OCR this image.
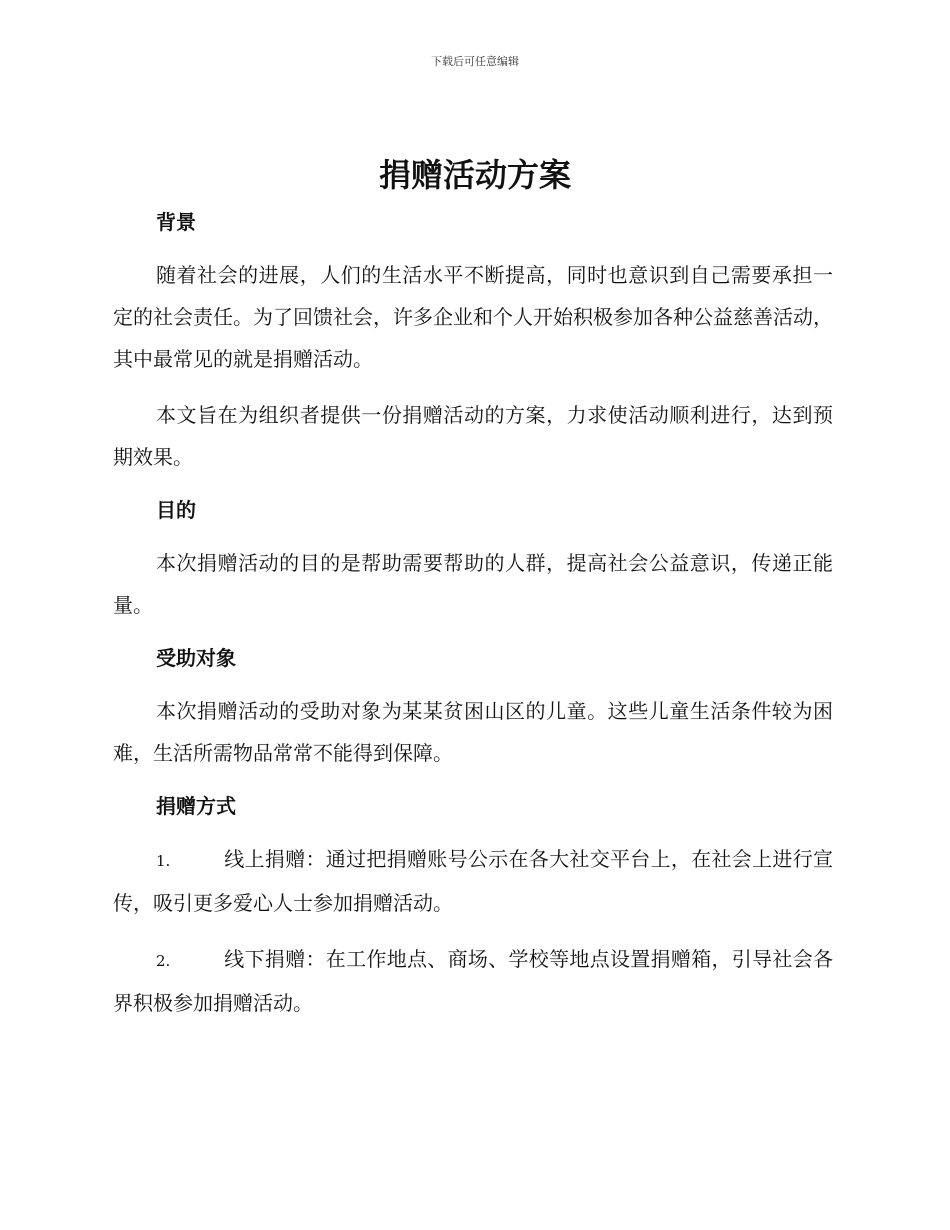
下载后可任意编辑
捐赠活动方案
背景

随着社会的进展，人们的生活水平不断提高，同时也意识到自己需要承担一定的社会责任。为了回馈社会，许多企业和个人开始积极参加各种公益慈善活动，其中最常见的就是捐赠活动。

本文旨在为组织者提供一份捐赠活动的方案，力求使活动顺利进行，达到预期效果。

目的

本次捐赠活动的目的是帮助需要帮助的人群，提高社会公益意识，传递正能量。

受助对象

本次捐赠活动的受助对象为某某贫困山区的儿童。这些儿童生活条件较为困难，生活所需物品常常不能得到保障。

捐赠方式

1.	线上捐赠：通过把捐赠账号公示在各大社交平台上，在社会上进行宣传，吸引更多爱心人士参加捐赠活动。

2.	线下捐赠：在工作地点、商场、学校等地点设置捐赠箱，引导社会各界积极参加捐赠活动。
